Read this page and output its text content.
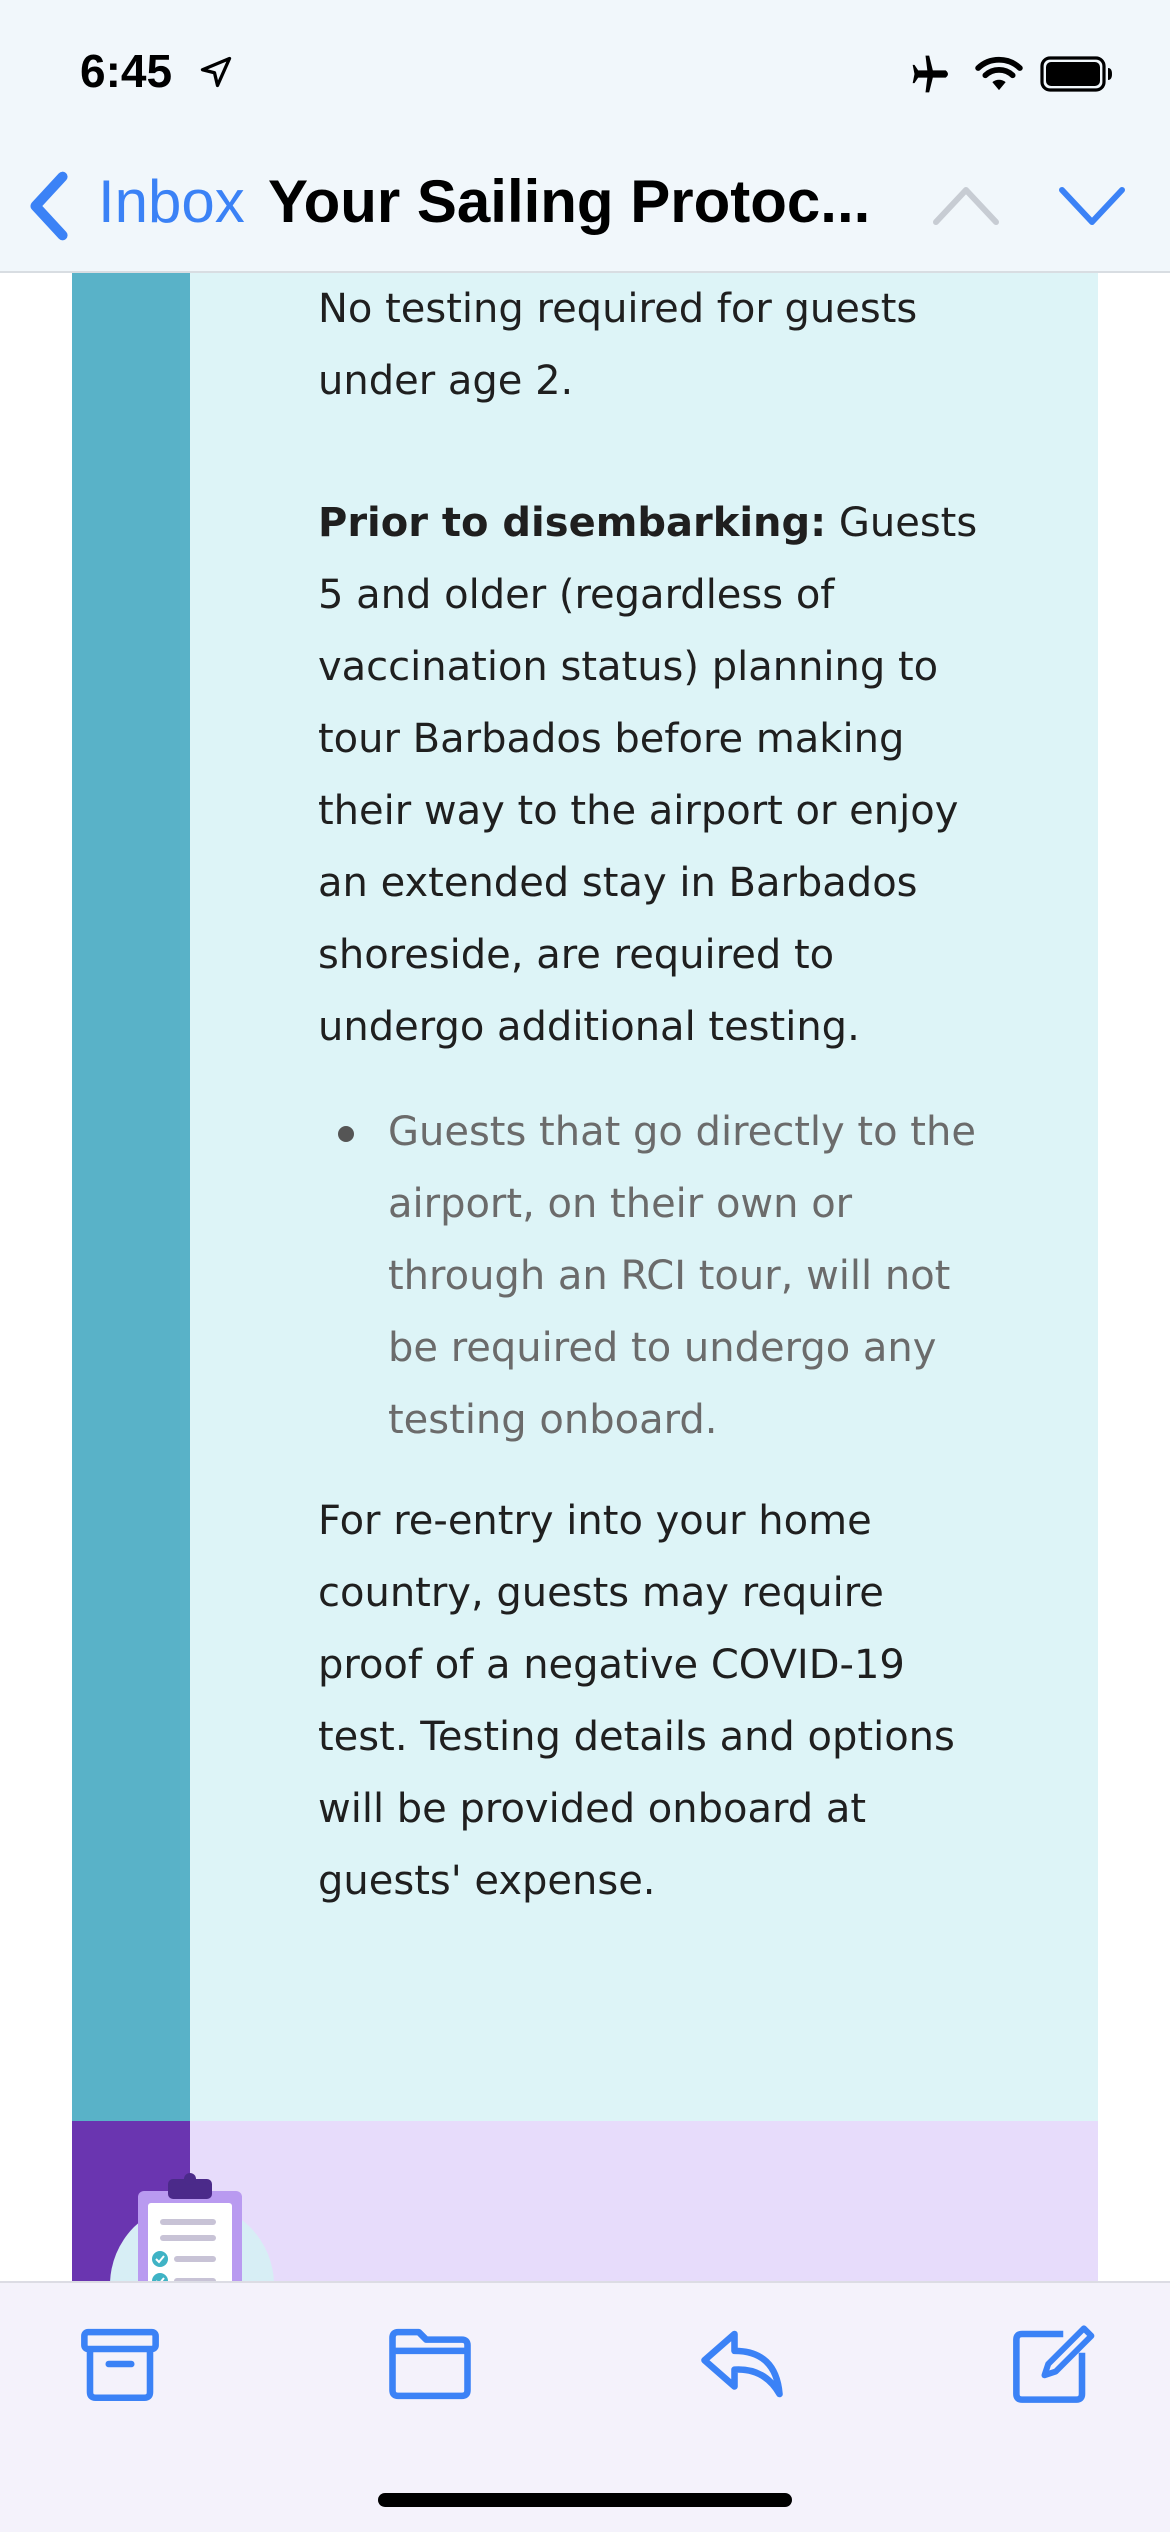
6:45
Inbox Your Sailing Protoc...

No testing required for guests under age 2.

Prior to disembarking: Guests 5 and older (regardless of vaccination status) planning to tour Barbados before making their way to the airport or enjoy an extended stay in Barbados shoreside, are required to undergo additional testing.

Guests that go directly to the airport, on their own or through an RCI tour, will not be required to undergo any testing onboard.

For re-entry into your home country, guests may require proof of a negative COVID-19 test. Testing details and options will be provided onboard at guests' expense.
